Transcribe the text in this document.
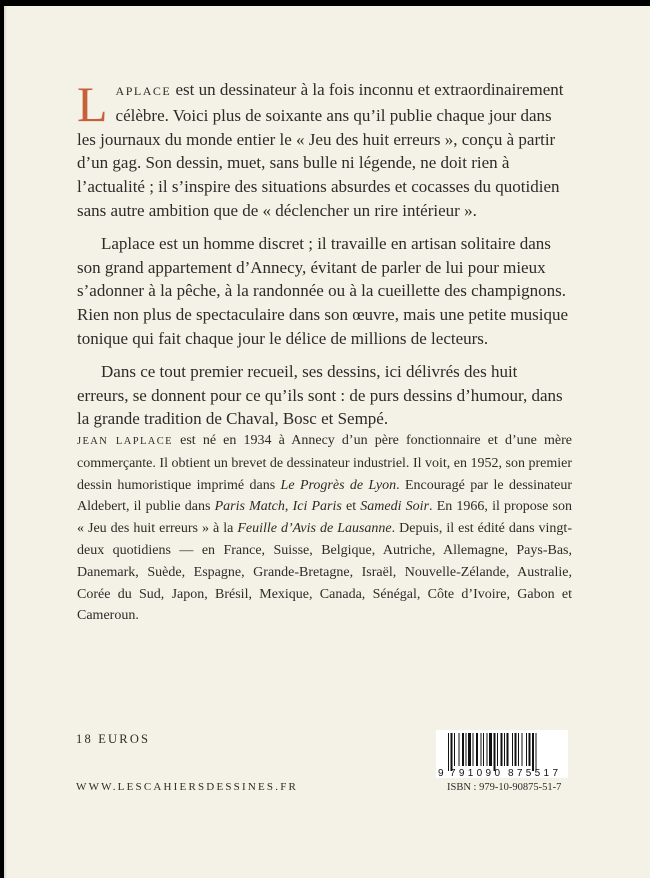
LAPLACE est un dessinateur à la fois inconnu et extraordinairement célèbre. Voici plus de soixante ans qu’il publie chaque jour dans les journaux du monde entier le « Jeu des huit erreurs », conçu à partir d’un gag. Son dessin, muet, sans bulle ni légende, ne doit rien à l’actualité ; il s’inspire des situations absurdes et cocasses du quotidien sans autre ambition que de « déclencher un rire intérieur ».

Laplace est un homme discret ; il travaille en artisan solitaire dans son grand appartement d’Annecy, évitant de parler de lui pour mieux s’adonner à la pêche, à la randonnée ou à la cueillette des champignons. Rien non plus de spectaculaire dans son œuvre, mais une petite musique tonique qui fait chaque jour le délice de millions de lecteurs.

Dans ce tout premier recueil, ses dessins, ici délivrés des huit erreurs, se donnent pour ce qu’ils sont : de purs dessins d’humour, dans la grande tradition de Chaval, Bosc et Sempé.

JEAN LAPLACE est né en 1934 à Annecy d’un père fonctionnaire et d’une mère commerçante. Il obtient un brevet de dessinateur industriel. Il voit, en 1952, son premier dessin humoristique imprimé dans Le Progrès de Lyon. Encouragé par le dessinateur Aldebert, il publie dans Paris Match, Ici Paris et Samedi Soir. En 1966, il propose son « Jeu des huit erreurs » à la Feuille d’Avis de Lausanne. Depuis, il est édité dans vingt-deux quotidiens — en France, Suisse, Belgique, Autriche, Allemagne, Pays-Bas, Danemark, Suède, Espagne, Grande-Bretagne, Israël, Nouvelle-Zélande, Australie, Corée du Sud, Japon, Brésil, Mexique, Canada, Sénégal, Côte d’Ivoire, Gabon et Cameroun.

18 EUROS
WWW.LESCAHIERSDESSINES.FR
9 791090 875517
ISBN : 979-10-90875-51-7
